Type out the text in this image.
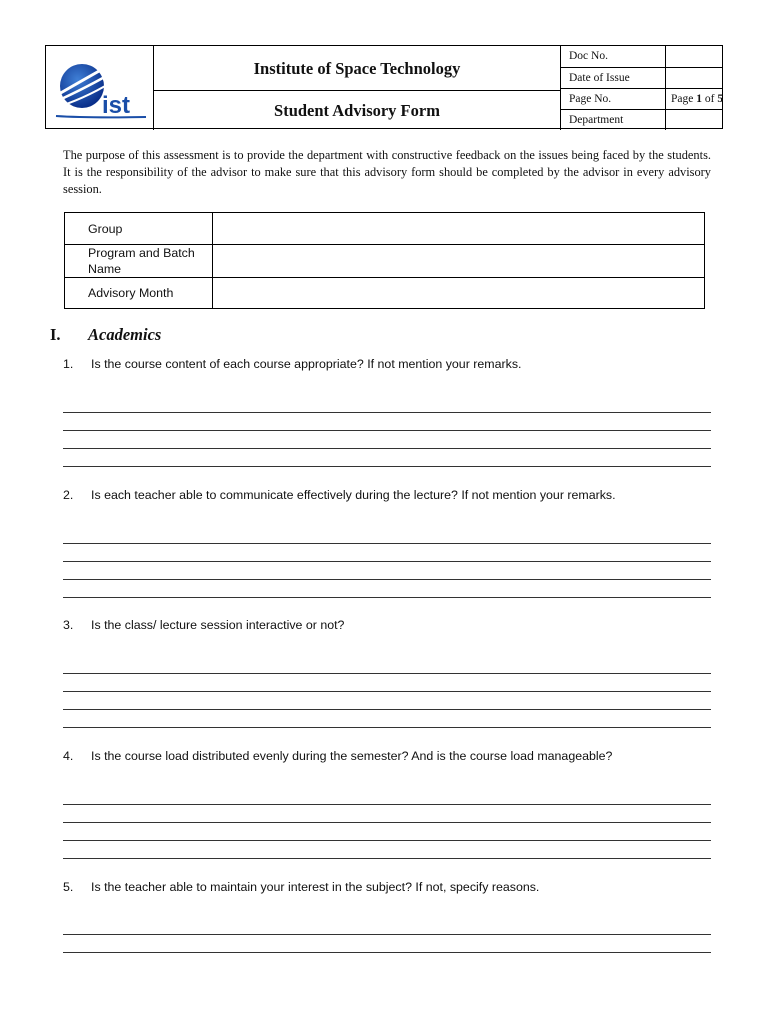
ist
Institute of Space Technology
Student Advisory Form
Doc No.
Date of Issue
Page No.	Page 1 of 5
Department
The purpose of this assessment is to provide the department with constructive feedback on the issues being faced by the students. It is the responsibility of the advisor to make sure that this advisory form should be completed by the advisor in every advisory session.
Group	
Program and Batch Name	
Advisory Month	
I.	Academics
1. Is the course content of each course appropriate? If not mention your remarks.
2. Is each teacher able to communicate effectively during the lecture? If not mention your remarks.
3. Is the class/ lecture session interactive or not?
4. Is the course load distributed evenly during the semester? And is the course load manageable?
5. Is the teacher able to maintain your interest in the subject? If not, specify reasons.
